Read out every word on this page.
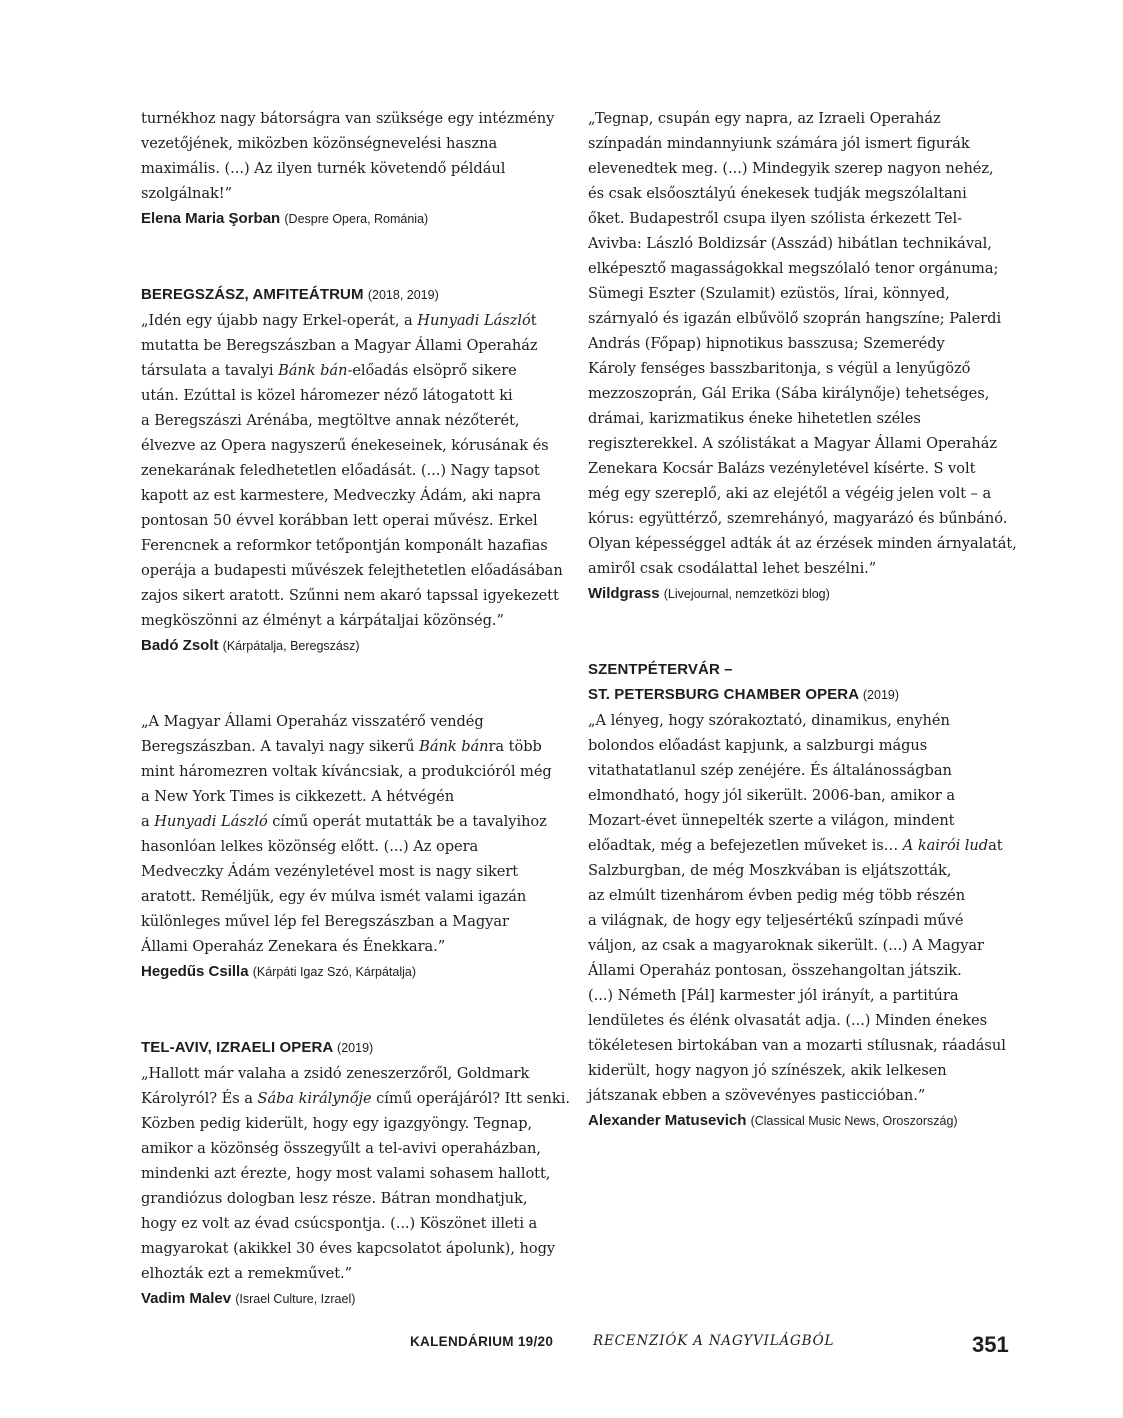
turnékhoz nagy bátorságra van szüksége egy intézmény
vezetőjének, miközben közönségnevelési haszna
maximális. (...) Az ilyen turnék követendő például
szolgálnak!”

Elena Maria Şorban (Despre Opera, Románia)

BEREGSZÁSZ, AMFITEÁTRUM (2018, 2019)

„Idén egy újabb nagy Erkel-operát, a Hunyadi Lászlót
mutatta be Beregszászban a Magyar Állami Operaház
társulata a tavalyi Bánk bán-előadás elsöprő sikere
után. Ezúttal is közel háromezer néző látogatott ki
a Beregszászi Arénába, megtöltve annak nézőterét,
élvezve az Opera nagyszerű énekeseinek, kórusának és
zenekarának feledhetetlen előadását. (...) Nagy tapsot
kapott az est karmestere, Medveczky Ádám, aki napra
pontosan 50 évvel korábban lett operai művész. Erkel
Ferencnek a reformkor tetőpontján komponált hazafias
operája a budapesti művészek felejthetetlen előadásában
zajos sikert aratott. Szűnni nem akaró tapssal igyekezett
megköszönni az élményt a kárpátaljai közönség.”

Badó Zsolt (Kárpátalja, Beregszász)

„A Magyar Állami Operaház visszatérő vendég
Beregszászban. A tavalyi nagy sikerű Bánk bánra több
mint háromezren voltak kíváncsiak, a produkcióról még
a New York Times is cikkezett. A hétvégén
a Hunyadi László című operát mutatták be a tavalyihoz
hasonlóan lelkes közönség előtt. (...) Az opera
Medveczky Ádám vezényletével most is nagy sikert
aratott. Reméljük, egy év múlva ismét valami igazán
különleges művel lép fel Beregszászban a Magyar
Állami Operaház Zenekara és Énekkara.”

Hegedűs Csilla (Kárpáti Igaz Szó, Kárpátalja)

TEL-AVIV, IZRAELI OPERA (2019)

„Hallott már valaha a zsidó zeneszerzőről, Goldmark
Károlyról? És a Sába királynője című operájáról? Itt senki.
Közben pedig kiderült, hogy egy igazgyöngy. Tegnap,
amikor a közönség összegyűlt a tel-avivi operaházban,
mindenki azt érezte, hogy most valami sohasem hallott,
grandiózus dologban lesz része. Bátran mondhatjuk,
hogy ez volt az évad csúcspontja. (...) Köszönet illeti a
magyarokat (akikkel 30 éves kapcsolatot ápolunk), hogy
elhozták ezt a remekművet.”

Vadim Malev (Israel Culture, Izrael)

„Tegnap, csupán egy napra, az Izraeli Operaház
színpadán mindannyiunk számára jól ismert figurák
elevenedtek meg. (...) Mindegyik szerep nagyon nehéz,
és csak elsőosztályú énekesek tudják megszólaltani
őket. Budapestről csupa ilyen szólista érkezett Tel-
Avivba: László Boldizsár (Asszád) hibátlan technikával,
elképesztő magasságokkal megszólaló tenor orgánuma;
Sümegi Eszter (Szulamit) ezüstös, lírai, könnyed,
szárnyaló és igazán elbűvölő szoprán hangszíne; Palerdi
András (Főpap) hipnotikus basszusa; Szemerédy
Károly fenséges basszbaritonja, s végül a lenyűgöző
mezzoszoprán, Gál Erika (Sába királynője) tehetséges,
drámai, karizmatikus éneke hihetetlen széles
regiszterekkel. A szólistákat a Magyar Állami Operaház
Zenekara Kocsár Balázs vezényletével kísérte. S volt
még egy szereplő, aki az elejétől a végéig jelen volt – a
kórus: együttérző, szemrehányó, magyarázó és bűnbánó.
Olyan képességgel adták át az érzések minden árnyalatát,
amiről csak csodálattal lehet beszélni.”

Wildgrass (Livejournal, nemzetközi blog)

SZENTPÉTERVÁR –

ST. PETERSBURG CHAMBER OPERA (2019)

„A lényeg, hogy szórakoztató, dinamikus, enyhén
bolondos előadást kapjunk, a salzburgi mágus
vitathatatlanul szép zenéjére. És általánosságban
elmondható, hogy jól sikerült. 2006-ban, amikor a
Mozart-évet ünnepelték szerte a világon, mindent
előadtak, még a befejezetlen műveket is… A kairói ludat
Salzburgban, de még Moszkvában is eljátszották,
az elmúlt tizenhárom évben pedig még több részén
a világnak, de hogy egy teljesértékű színpadi művé
váljon, az csak a magyaroknak sikerült. (...) A Magyar
Állami Operaház pontosan, összehangoltan játszik.
(...) Németh [Pál] karmester jól irányít, a partitúra
lendületes és élénk olvasatát adja. (...) Minden énekes
tökéletesen birtokában van a mozarti stílusnak, ráadásul
kiderült, hogy nagyon jó színészek, akik lelkesen
játszanak ebben a szövevényes pasticcióban.”

Alexander Matusevich (Classical Music News, Oroszország)

KALENDÁRIUM 19/20	RECENZIÓK A NAGYVILÁGBÓL	351
